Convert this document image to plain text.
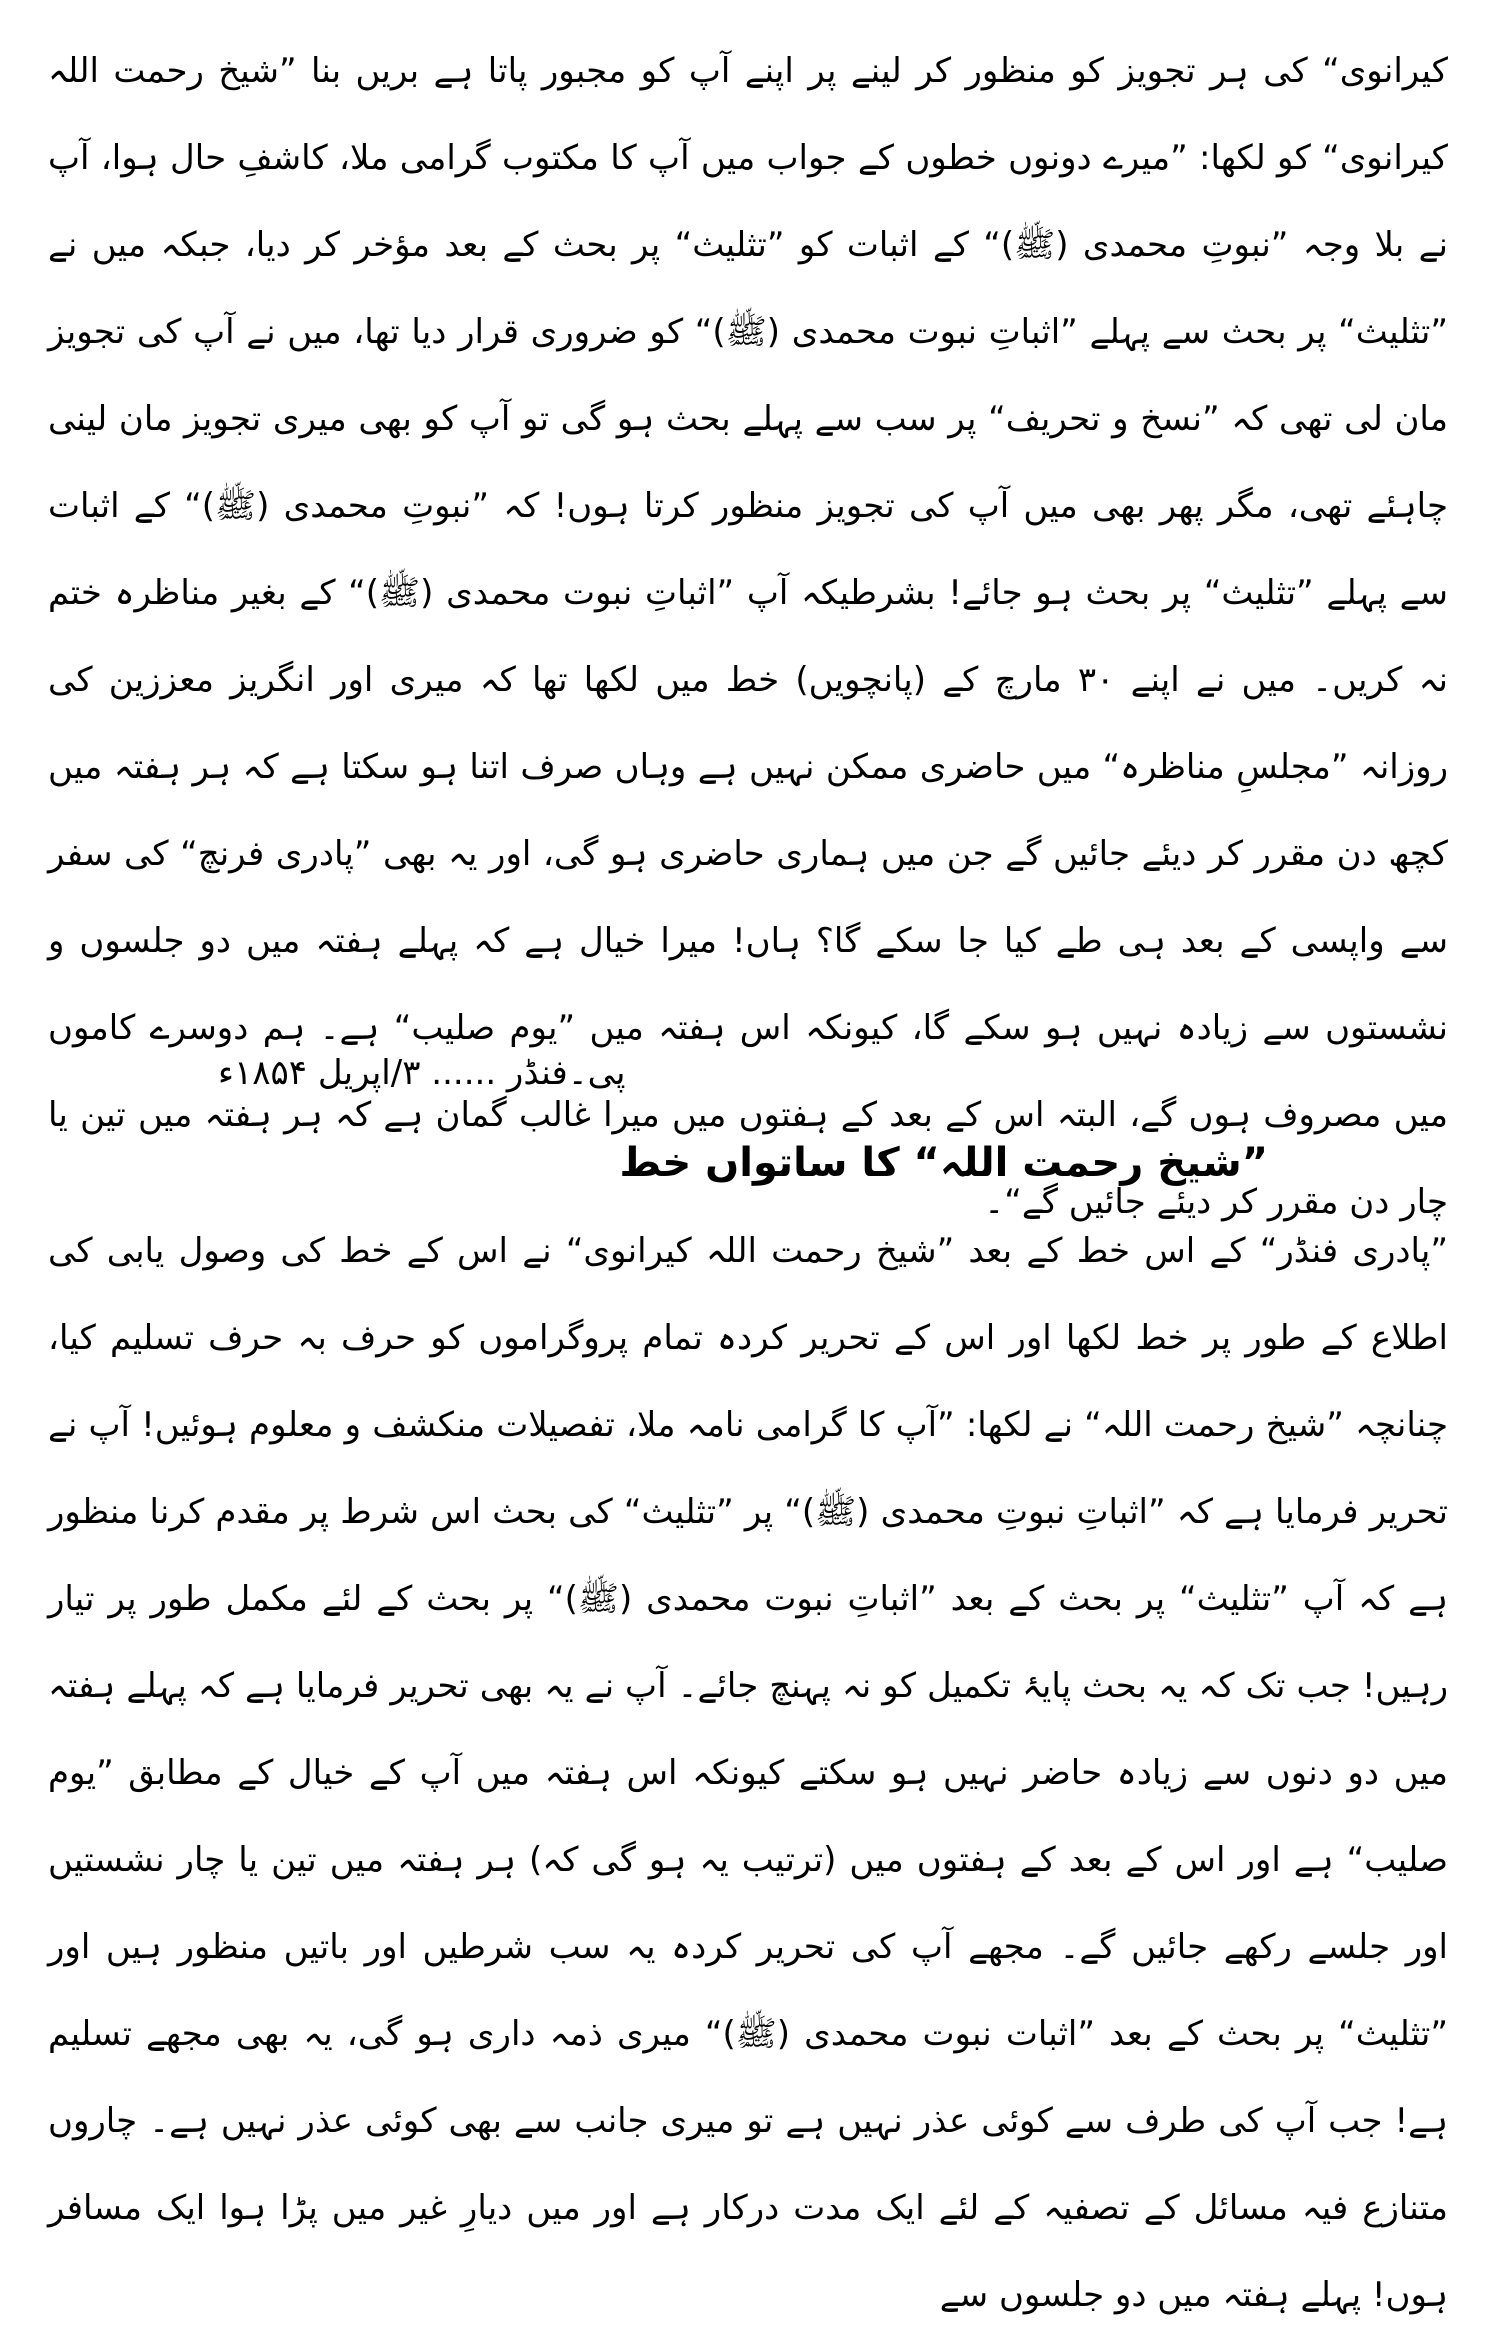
کیرانوی“ کی ہر تجویز کو منظور کر لینے پر اپنے آپ کو مجبور پاتا ہے بریں بنا ”شیخ رحمت اللہ کیرانوی“ کو لکھا: ”میرے دونوں خطوں کے جواب میں آپ کا مکتوب گرامی ملا، کاشفِ حال ہوا، آپ نے بلا وجہ ”نبوتِ محمدی (ﷺ)“ کے اثبات کو ”تثلیث“ پر بحث کے بعد مؤخر کر دیا، جبکہ میں نے ”تثلیث“ پر بحث سے پہلے ”اثباتِ نبوت محمدی (ﷺ)“ کو ضروری قرار دیا تھا، میں نے آپ کی تجویز مان لی تھی کہ ”نسخ و تحریف“ پر سب سے پہلے بحث ہو گی تو آپ کو بھی میری تجویز مان لینی چاہئے تھی، مگر پھر بھی میں آپ کی تجویز منظور کرتا ہوں! کہ ”نبوتِ محمدی (ﷺ)“ کے اثبات سے پہلے ”تثلیث“ پر بحث ہو جائے! بشرطیکہ آپ ”اثباتِ نبوت محمدی (ﷺ)“ کے بغیر مناظرہ ختم نہ کریں۔ میں نے اپنے ۳۰ مارچ کے (پانچویں) خط میں لکھا تھا کہ میری اور انگریز معززین کی روزانہ ”مجلسِ مناظرہ“ میں حاضری ممکن نہیں ہے وہاں صرف اتنا ہو سکتا ہے کہ ہر ہفتہ میں کچھ دن مقرر کر دیئے جائیں گے جن میں ہماری حاضری ہو گی، اور یہ بھی ”پادری فرنچ“ کی سفر سے واپسی کے بعد ہی طے کیا جا سکے گا؟ ہاں! میرا خیال ہے کہ پہلے ہفتہ میں دو جلسوں و نشستوں سے زیادہ نہیں ہو سکے گا، کیونکہ اس ہفتہ میں ”یوم صلیب“ ہے۔ ہم دوسرے کاموں میں مصروف ہوں گے، البتہ اس کے بعد کے ہفتوں میں میرا غالب گمان ہے کہ ہر ہفتہ میں تین یا چار دن مقرر کر دیئے جائیں گے“۔

پی۔فنڈر ...... ۳/اپریل ۱۸۵۴ء
”شیخ رحمت اللہ“ کا ساتواں خط

”پادری فنڈر“ کے اس خط کے بعد ”شیخ رحمت اللہ کیرانوی“ نے اس کے خط کی وصول یابی کی اطلاع کے طور پر خط لکھا اور اس کے تحریر کردہ تمام پروگراموں کو حرف بہ حرف تسلیم کیا، چنانچہ ”شیخ رحمت اللہ“ نے لکھا: ”آپ کا گرامی نامہ ملا، تفصیلات منکشف و معلوم ہوئیں! آپ نے تحریر فرمایا ہے کہ ”اثباتِ نبوتِ محمدی (ﷺ)“ پر ”تثلیث“ کی بحث اس شرط پر مقدم کرنا منظور ہے کہ آپ ”تثلیث“ پر بحث کے بعد ”اثباتِ نبوت محمدی (ﷺ)“ پر بحث کے لئے مکمل طور پر تیار رہیں! جب تک کہ یہ بحث پایۂ تکمیل کو نہ پہنچ جائے۔ آپ نے یہ بھی تحریر فرمایا ہے کہ پہلے ہفتہ میں دو دنوں سے زیادہ حاضر نہیں ہو سکتے کیونکہ اس ہفتہ میں آپ کے خیال کے مطابق ”یوم صلیب“ ہے اور اس کے بعد کے ہفتوں میں (ترتیب یہ ہو گی کہ) ہر ہفتہ میں تین یا چار نشستیں اور جلسے رکھے جائیں گے۔ مجھے آپ کی تحریر کردہ یہ سب شرطیں اور باتیں منظور ہیں اور ”تثلیث“ پر بحث کے بعد ”اثبات نبوت محمدی (ﷺ)“ میری ذمہ داری ہو گی، یہ بھی مجھے تسلیم ہے! جب آپ کی طرف سے کوئی عذر نہیں ہے تو میری جانب سے بھی کوئی عذر نہیں ہے۔ چاروں متنازع فیہ مسائل کے تصفیہ کے لئے ایک مدت درکار ہے اور میں دیارِ غیر میں پڑا ہوا ایک مسافر ہوں! پہلے ہفتہ میں دو جلسوں سے
